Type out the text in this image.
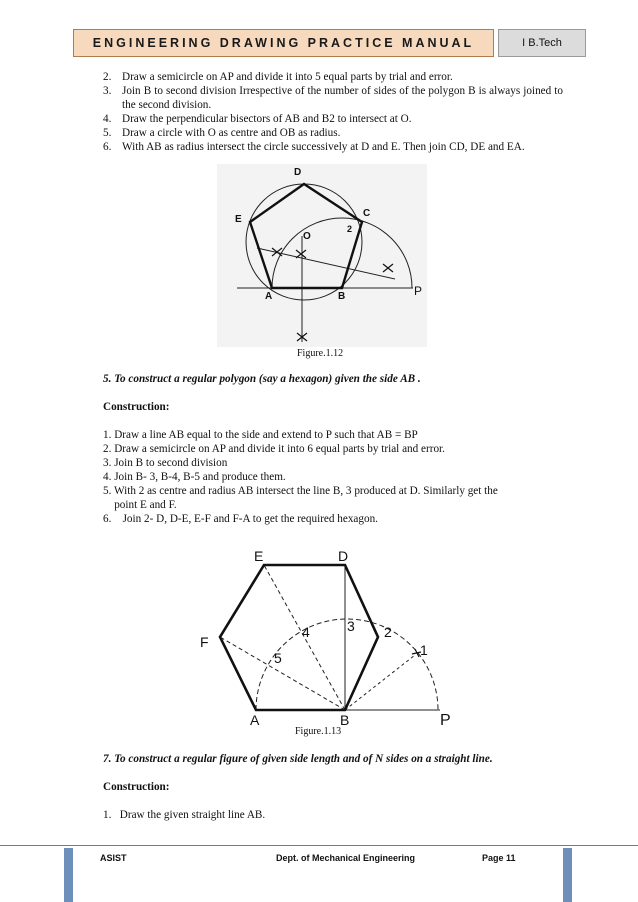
ENGINEERING DRAWING PRACTICE MANUAL	I B.Tech
2. Draw a semicircle on AP and divide it into 5 equal parts by trial and error.
3. Join B to second division Irrespective of the number of sides of the polygon B is always joined to the second division.
4. Draw the perpendicular bisectors of AB and B2 to intersect at O.
5. Draw a circle with O as centre and OB as radius.
6. With AB as radius intersect the circle successively at D and E. Then join CD, DE and EA.
A	B
C
D
E
O
P
2
Figure.1.12
5. To construct a regular polygon (say a hexagon) given the side AB .
Construction:
1. Draw a line AB equal to the side and extend to P such that AB = BP
2. Draw a semicircle on AP and divide it into 6 equal parts by trial and error.
3. Join B to second division
4. Join B- 3, B-4, B-5 and produce them.
5. With 2 as centre and radius AB intersect the line B, 3 produced at D. Similarly get the
point E and F.
6.    Join 2- D, D-E, E-F and F-A to get the required hexagon.
A	B
E	D
F
P
1
2
3
4
5
Figure.1.13
7. To construct a regular figure of given side length and of N sides on a straight line.
Construction:
1.   Draw the given straight line AB.
ASIST	Dept. of Mechanical Engineering	Page 11
